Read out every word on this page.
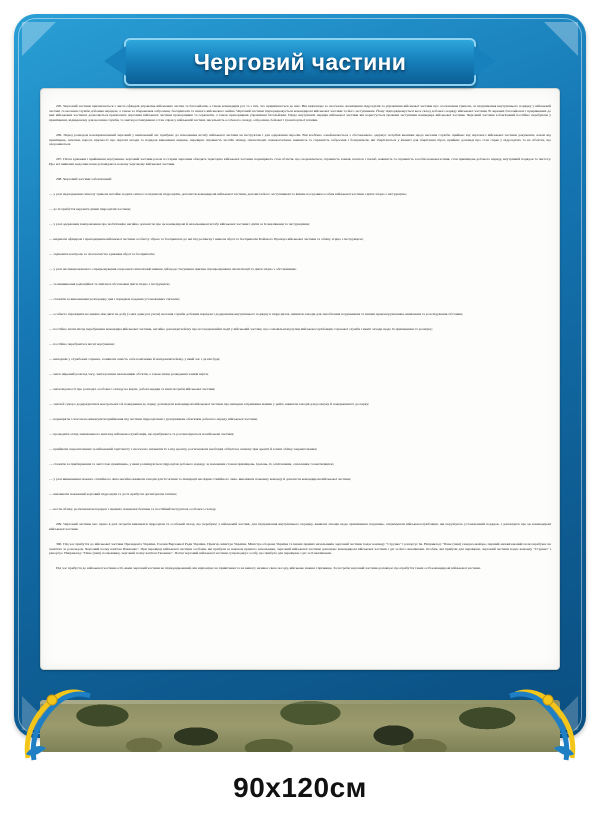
Черговий частини

295. Черговий частини призначається з числа офіцерів управлінь військових частин та батальйонів, а також командирів рот та з тих, хто прирівнюється до них. Він відповідає за своєчасне оповіщення підрозділів та управління військової частини про оголошення тривоги, за підтримання внутрішнього порядку у військовій частині та несення служби добовим нарядом, а також за збереження озброєння, боєприпасів та іншого військового майна. Черговий частини підпорядковується командирові військової частини та його заступникам. Йому підпорядковується весь склад добового наряду військової частини. В окремих батальйонах і прирівняних до них військових частинах дозволяється призначати черговим військової частини прапорщиків та сержантів, а також прапорщиків управління батальйонів. Щодо внутрішніх нарядів військової частини він користується правами заступника командира військової частини. Черговий частини зобов'язаний постійно перебувати у приміщенні, відведеному для несення служби, та знати розташування і стан справ у військовій частині, чисельність особового складу, озброєння, бойової і транспортної техніки.

296. Перед розводом новопризначений черговий у визначений час прибуває до начальника штабу військової частини на інструктаж і для одержання паролів. Він всебічно ознайомлюється з обстановкою, одержує потрібні вказівки щодо несення служби, приймає від чергового військової частини документи, ключі від приміщень, печатки, паролі, відомості про чергові заходи та порядок виконання завдань, перевіряє справність засобів зв'язку, сигналізації, пожежогасіння, наявність та справність озброєння і боєприпасів, які зберігаються у кімнаті для зберігання зброї, приймає доповіді про стан справ у підрозділах та на об'єктах, що охороняються.

297. Після здавання і приймання чергування, черговий частини разом зі старим черговим обходять територію військової частини, перевіряють стан об'єктів, що охороняються, справність замків, печаток і пломб, наявність та справність засобів пожежогасіння, стан приміщень добового наряду, внутрішній порядок та чистоту. Про всі виявлені недоліки вони доповідають новому черговому військової частини.

298. Черговий частини зобов'язаний:

— у разі надходження сигналу тривоги негайно подати сигнал за підписом підрозділів, доповісти командирові військової частини, доповісти його заступникові та іншим посадовим особам військової частини і діяти згідно з інструкцією;

— до їх прибуття керувати діями підрозділів частини;

— у разі одержання повідомлення про мобілізацію негайно доповісти про це командирові й начальникові штабу військової частини і діяти за їх вказівками та інструкціями;

— видавати офіцерам і прапорщикам військової частини особисту зброю та боєприпаси до неї під розписку і вимоги зброї та боєприпасів Бойового Прапора військової частини та обліку згідно з інструкцією;

— задіювати контроль за своєчасністю здавання зброї та боєприпасів;

— у разі несанкціонованого спрацьовування охоронної сигналізації вживає дій щодо з'ясування причин спрацьовування сигналізації та діяти згідно з обставинами;

— за виникнення радіаційної та хімічної обстановки діяти згідно з інструкцією;

— стежити за виконанням розпорядку дня і порядком подання установлених сигналів;

— особисто перевіряти не менше ніж двічі на добу (з них один раз уночі) несення служби добовим нарядом і додержання внутрішнього порядку в підрозділах, вживати заходів для запобігання порушенням та іншим правопорушенням, виявлення та розслідування обставин;

— постійно знати місце перебування командира військової частини, негайно доповідати йому про всі надзвичайні події у військовій частині, про самовільні відлучки військовослужбовців строкової служби і вжиті заходи щодо їх припинення та розшуку;

— постійно перебувати в місці чергування;

— виходячи у службових справах, залишати замість себе помічника й повідомляти йому, у який час і де він буде;

— мати звірений розклад часу, знати рапани начальників об'єктів, а також місця розведення замків варти;

— мати відомості про розподіл особового складу на варти, добові наряди та інші потреби військової частини;

— знати й суворо додержуватися контрольного й повернення до парку, доповідати командирові військової частини про випадки затримання машин у рейсі, вживати заходів для розшуку й повернення їх до парку;

— перевіряти і своєчасно виконувати приймання під частини підрозділами з урахуванням обов'язків добового наряду військової частини;

— проводити огляд заявлюваного вантажу військовослужбовців, що прибувають та розташовуються на військові частини;

— приймати заарештованих за військовий гауптвахту і своєчасно звільняти їх з-під арешту, роз'яснювати необхідні обігріти в записку при арешті й в інші обліку заарештованих;

— стежити за прибиранням та чистотою приміщень, у яких розміщуються підрозділи добового наряду, за належним станом приміщень, їдалень, їх освітленням, опаленням та вентиляцією;

— у разі виникнення пожежі, стихійного лиха негайно вживати заходів для її гасіння та ліквідації наслідків стихійного лиха, викликати пожежну команду й доповісти командирові військової частини;

— викликати пожежний черговий підрозділи та до їх прибуття організувати гасіння;

— вести обліку, роз'яснювати порядок і правила пожежної безпеки та постійний інструктаж особового складу.

299. Черговий частини має право в разі потреби викликати підрозділи та особовий склад, що перебуває у військовій частині, для підтримання внутрішнього порядку, вживати заходів щодо припинення порушень, затримувати військовослужбовців, які порушують установлений порядок, і доповідати про це командирові військової частини.

300. Під час прибуття до військової частини Президента України, Голови Верховної Ради України, Прем'єр-міністра України, Міністра оборони України та інших прямих начальників черговий частини подає команду "Струнко" і рапортує їм. Наприклад: "Пане (пані) генерал-майоре, перший механізований полк перебуває на заняттях за розкладом. Черговий полку капітан Павленко". При перевірці військової частини особами, які прибули за наказом прямого начальника, черговий військової частини доповідає командирові військової частини і діє за його вказівками. Особам, які прибули для перевірки, черговий частини подає команду "Струнко" і рапортує. Наприклад: "Пане (пані) полковнику, черговий полку капітан Ткаченко". Потім черговий військової частини супроводжує особу, що прибула для перевірки, і діє за її вказівками.

Під час прибуття до військової частини осіб, яким черговий частини не підпорядкований, він відповідає на привітання та на вимогу називає свою посаду, військове звання і прізвище. За потреби черговий частини доповідає про прибуття таких осіб командирові військової частини.

90x120см
